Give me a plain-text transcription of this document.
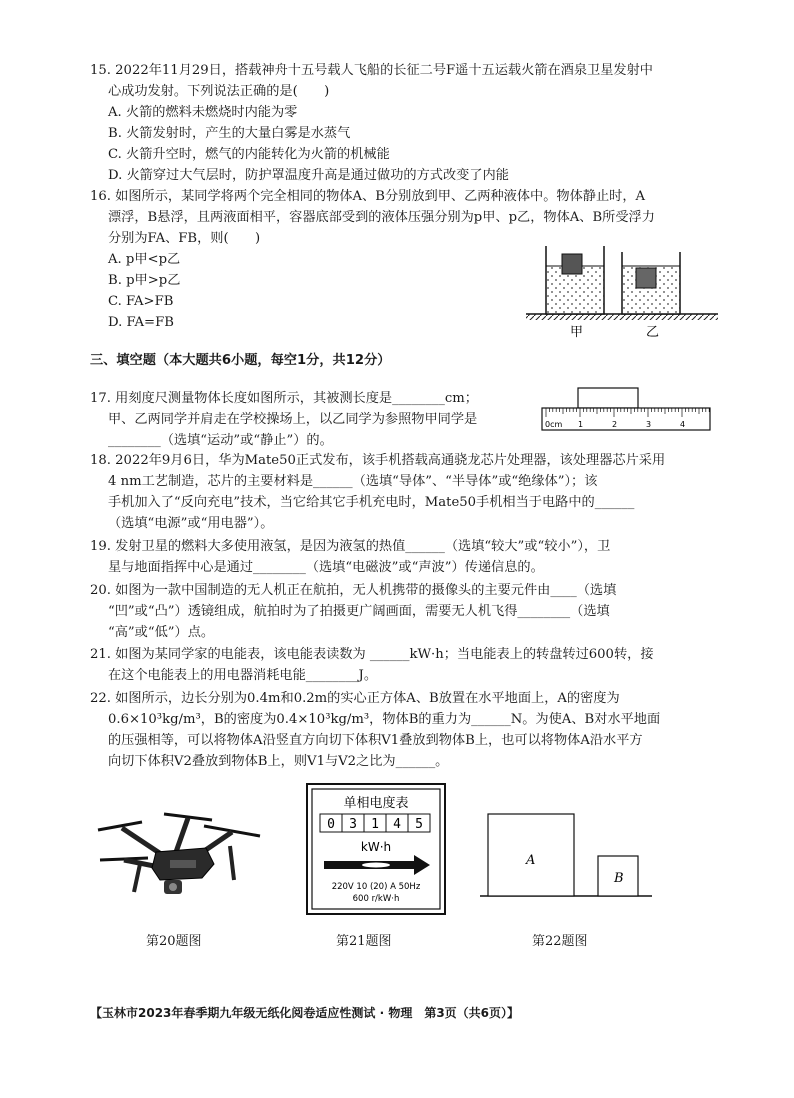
15. 2022年11月29日，搭载神舟十五号载人飞船的长征二号F遥十五运载火箭在酒泉卫星发射中

心成功发射。下列说法正确的是(　　)

A. 火箭的燃料未燃烧时内能为零

B. 火箭发射时，产生的大量白雾是水蒸气

C. 火箭升空时，燃气的内能转化为火箭的机械能

D. 火箭穿过大气层时，防护罩温度升高是通过做功的方式改变了内能

16. 如图所示，某同学将两个完全相同的物体A、B分别放到甲、乙两种液体中。物体静止时，A

漂浮，B悬浮，且两液面相平，容器底部受到的液体压强分别为p甲、p乙，物体A、B所受浮力

分别为FA、FB，则(　　)

A. p甲<p乙

B. p甲>p乙

C. FA>FB

D. FA=FB

甲	乙

三、填空题（本大题共6小题，每空1分，共12分）

17. 用刻度尺测量物体长度如图所示，其被测长度是________cm；

甲、乙两同学并肩走在学校操场上，以乙同学为参照物甲同学是

________（选填“运动”或“静止”）的。

0cm 1	2	3	4

18. 2022年9月6日，华为Mate50正式发布，该手机搭载高通骁龙芯片处理器，该处理器芯片采用

4 nm工艺制造，芯片的主要材料是______（选填“导体”、“半导体”或“绝缘体”）；该

手机加入了“反向充电”技术，当它给其它手机充电时，Mate50手机相当于电路中的______

（选填“电源”或“用电器”）。

19. 发射卫星的燃料大多使用液氢，是因为液氢的热值______（选填“较大”或“较小”），卫

星与地面指挥中心是通过________（选填“电磁波”或“声波”）传递信息的。

20. 如图为一款中国制造的无人机正在航拍，无人机携带的摄像头的主要元件由____（选填

“凹”或“凸”）透镜组成，航拍时为了拍摄更广阔画面，需要无人机飞得________（选填

“高”或“低”）点。

21. 如图为某同学家的电能表，该电能表读数为 ______kW·h；当电能表上的转盘转过600转，接

在这个电能表上的用电器消耗电能________J。

22. 如图所示，边长分别为0.4m和0.2m的实心正方体A、B放置在水平地面上，A的密度为

0.6×10³kg/m³，B的密度为0.4×10³kg/m³，物体B的重力为______N。为使A、B对水平地面

的压强相等，可以将物体A沿竖直方向切下体积V1叠放到物体B上，也可以将物体A沿水平方

向切下体积V2叠放到物体B上，则V1与V2之比为______。

单相电度表
0 3 1 4 5
kW·h
220V 10 (20) A 50Hz
600 r/kW·h
A
B
第20题图	第21题图	第22题图
【玉林市2023年春季期九年级无纸化阅卷适应性测试 · 物理　第3页（共6页）】
